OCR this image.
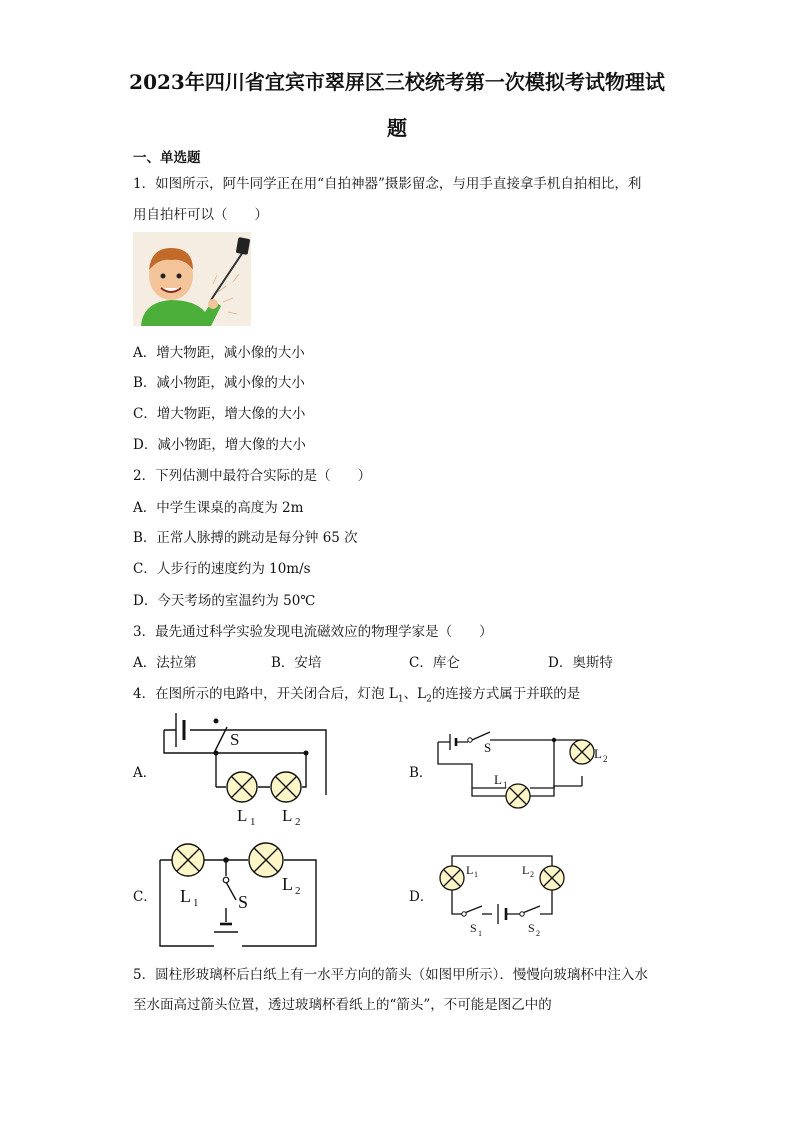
2023年四川省宜宾市翠屏区三校统考第一次模拟考试物理试
题
一、单选题
1．如图所示，阿牛同学正在用“自拍神器”摄影留念，与用手直接拿手机自拍相比，利
用自拍杆可以（　　）
A．增大物距，减小像的大小
B．减小物距，减小像的大小
C．增大物距，增大像的大小
D．减小物距，增大像的大小
2．下列估测中最符合实际的是（　　）
A．中学生课桌的高度为 2m
B．正常人脉搏的跳动是每分钟 65 次
C．人步行的速度约为 10m/s
D．今天考场的室温约为 50℃
3．最先通过科学实验发现电流磁效应的物理学家是（　　）
A．法拉第	B．安培	C．库仑	D．奥斯特
4．在图所示的电路中，开关闭合后，灯泡 $L_1$、$L_2$的连接方式属于并联的是
A．	B．
C．	D．
S
L 1 L 2
S	L 2
L 1
L 1 S
L 2
L 1	L 2
S 1	S 2
5．圆柱形玻璃杯后白纸上有一水平方向的箭头（如图甲所示）．慢慢向玻璃杯中注入水
至水面高过箭头位置，透过玻璃杯看纸上的“箭头”，不可能是图乙中的
